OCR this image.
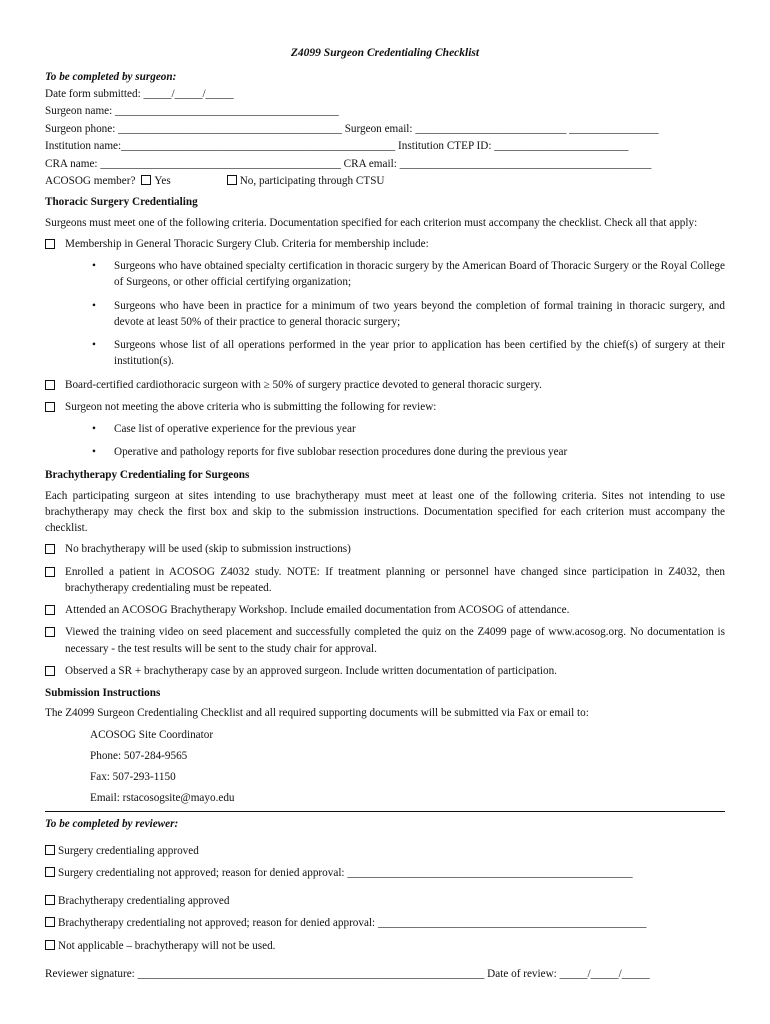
Z4099 Surgeon Credentialing Checklist
To be completed by surgeon:
Date form submitted: _____/_____/_____
Surgeon name: ________________________________________
Surgeon phone: ________________________________________ Surgeon email: ___________________________ ________________
Institution name:_________________________________________________ Institution CTEP ID: ________________________
CRA name: ___________________________________________ CRA email: _____________________________________________
ACOSOG member? Yes	No, participating through CTSU
Thoracic Surgery Credentialing
Surgeons must meet one of the following criteria. Documentation specified for each criterion must accompany the checklist. Check all that apply:
Membership in General Thoracic Surgery Club. Criteria for membership include:
• Surgeons who have obtained specialty certification in thoracic surgery by the American Board of Thoracic Surgery or the Royal College of Surgeons, or other official certifying organization;
• Surgeons who have been in practice for a minimum of two years beyond the completion of formal training in thoracic surgery, and devote at least 50% of their practice to general thoracic surgery;
• Surgeons whose list of all operations performed in the year prior to application has been certified by the chief(s) of surgery at their institution(s).
Board-certified cardiothoracic surgeon with ≥ 50% of surgery practice devoted to general thoracic surgery.
Surgeon not meeting the above criteria who is submitting the following for review:
• Case list of operative experience for the previous year
• Operative and pathology reports for five sublobar resection procedures done during the previous year
Brachytherapy Credentialing for Surgeons
Each participating surgeon at sites intending to use brachytherapy must meet at least one of the following criteria. Sites not intending to use brachytherapy may check the first box and skip to the submission instructions. Documentation specified for each criterion must accompany the checklist.
No brachytherapy will be used (skip to submission instructions)
Enrolled a patient in ACOSOG Z4032 study. NOTE: If treatment planning or personnel have changed since participation in Z4032, then brachytherapy credentialing must be repeated.
Attended an ACOSOG Brachytherapy Workshop. Include emailed documentation from ACOSOG of attendance.
Viewed the training video on seed placement and successfully completed the quiz on the Z4099 page of www.acosog.org. No documentation is necessary - the test results will be sent to the study chair for approval.
Observed a SR + brachytherapy case by an approved surgeon. Include written documentation of participation.
Submission Instructions
The Z4099 Surgeon Credentialing Checklist and all required supporting documents will be submitted via Fax or email to:
ACOSOG Site Coordinator
Phone: 507-284-9565
Fax: 507-293-1150
Email: rstacosogsite@mayo.edu
To be completed by reviewer:
Surgery credentialing approved
Surgery credentialing not approved; reason for denied approval: ___________________________________________________
Brachytherapy credentialing approved
Brachytherapy credentialing not approved; reason for denied approval: ________________________________________________
Not applicable – brachytherapy will not be used.
Reviewer signature: ______________________________________________________________ Date of review: _____/_____/_____
